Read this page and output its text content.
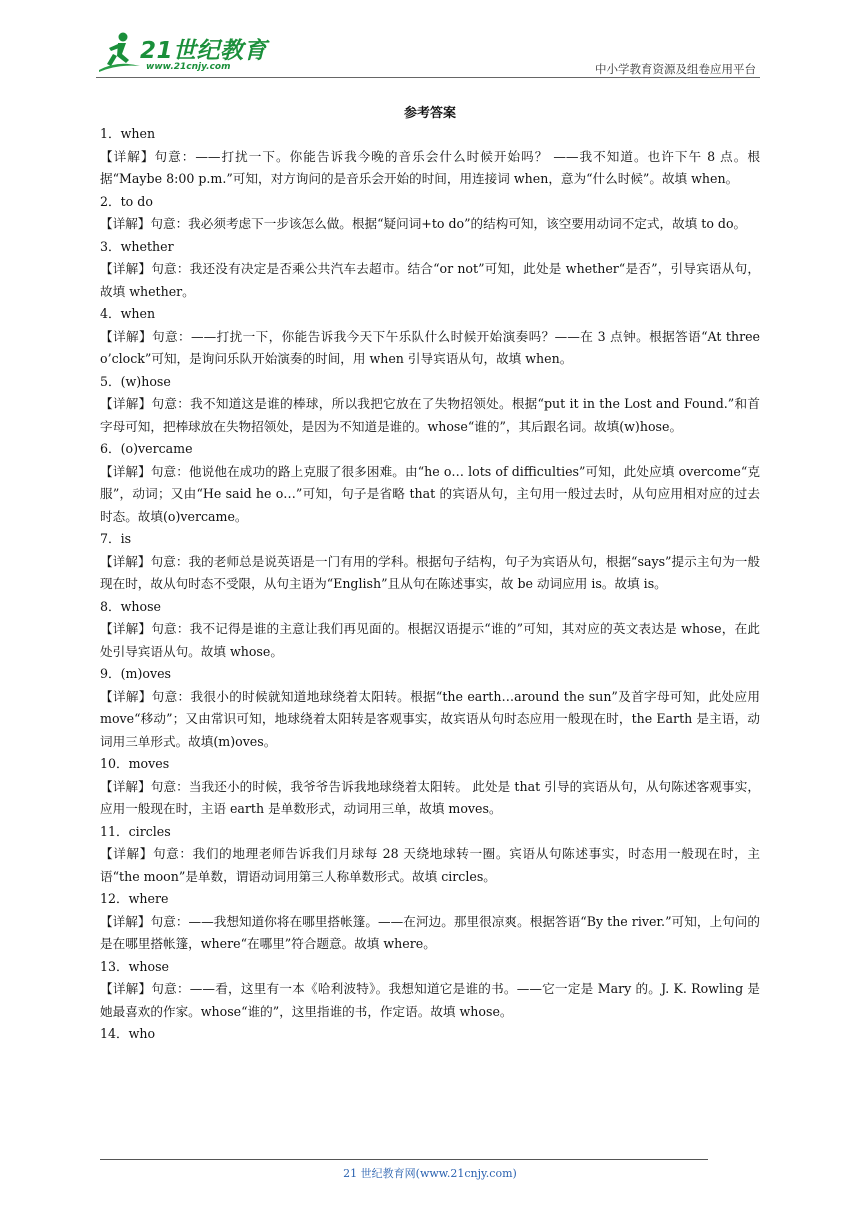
21世纪教育
www.21cnjy.com	中小学教育资源及组卷应用平台
参考答案

1．when

【详解】句意：——打扰一下。你能告诉我今晚的音乐会什么时候开始吗？ ——我不知道。也许下午 8 点。根据“Maybe 8:00 p.m.”可知，对方询问的是音乐会开始的时间，用连接词 when，意为“什么时候”。故填 when。

2．to do

【详解】句意：我必须考虑下一步该怎么做。根据“疑问词+to do”的结构可知，该空要用动词不定式，故填 to do。

3．whether

【详解】句意：我还没有决定是否乘公共汽车去超市。结合“or not”可知，此处是 whether“是否”，引导宾语从句，故填 whether。

4．when

【详解】句意：——打扰一下，你能告诉我今天下午乐队什么时候开始演奏吗？——在 3 点钟。根据答语“At three o’clock”可知，是询问乐队开始演奏的时间，用 when 引导宾语从句，故填 when。

5．(w)hose

【详解】句意：我不知道这是谁的棒球，所以我把它放在了失物招领处。根据“put it in the Lost and Found.”和首字母可知，把棒球放在失物招领处，是因为不知道是谁的。whose“谁的”，其后跟名词。故填(w)hose。

6．(o)vercame

【详解】句意：他说他在成功的路上克服了很多困难。由“he o… lots of difficulties”可知，此处应填 overcome“克服”，动词；又由“He said he o…”可知，句子是省略 that 的宾语从句，主句用一般过去时，从句应用相对应的过去时态。故填(o)vercame。

7．is

【详解】句意：我的老师总是说英语是一门有用的学科。根据句子结构，句子为宾语从句，根据“says”提示主句为一般现在时，故从句时态不受限，从句主语为“English”且从句在陈述事实，故 be 动词应用 is。故填 is。

8．whose

【详解】句意：我不记得是谁的主意让我们再见面的。根据汉语提示“谁的”可知，其对应的英文表达是 whose，在此处引导宾语从句。故填 whose。

9．(m)oves

【详解】句意：我很小的时候就知道地球绕着太阳转。根据“the earth…around the sun”及首字母可知，此处应用 move“移动”；又由常识可知，地球绕着太阳转是客观事实，故宾语从句时态应用一般现在时，the Earth 是主语，动词用三单形式。故填(m)oves。

10．moves

【详解】句意：当我还小的时候，我爷爷告诉我地球绕着太阳转。 此处是 that 引导的宾语从句，从句陈述客观事实，应用一般现在时，主语 earth 是单数形式，动词用三单，故填 moves。

11．circles

【详解】句意：我们的地理老师告诉我们月球每 28 天绕地球转一圈。宾语从句陈述事实，时态用一般现在时，主语“the moon”是单数，谓语动词用第三人称单数形式。故填 circles。

12．where

【详解】句意：——我想知道你将在哪里搭帐篷。——在河边。那里很凉爽。根据答语“By the river.”可知，上句问的是在哪里搭帐篷，where“在哪里”符合题意。故填 where。

13．whose

【详解】句意：——看，这里有一本《哈利波特》。我想知道它是谁的书。——它一定是 Mary 的。J. K. Rowling 是她最喜欢的作家。whose“谁的”，这里指谁的书，作定语。故填 whose。

14．who

21 世纪教育网(www.21cnjy.com)
